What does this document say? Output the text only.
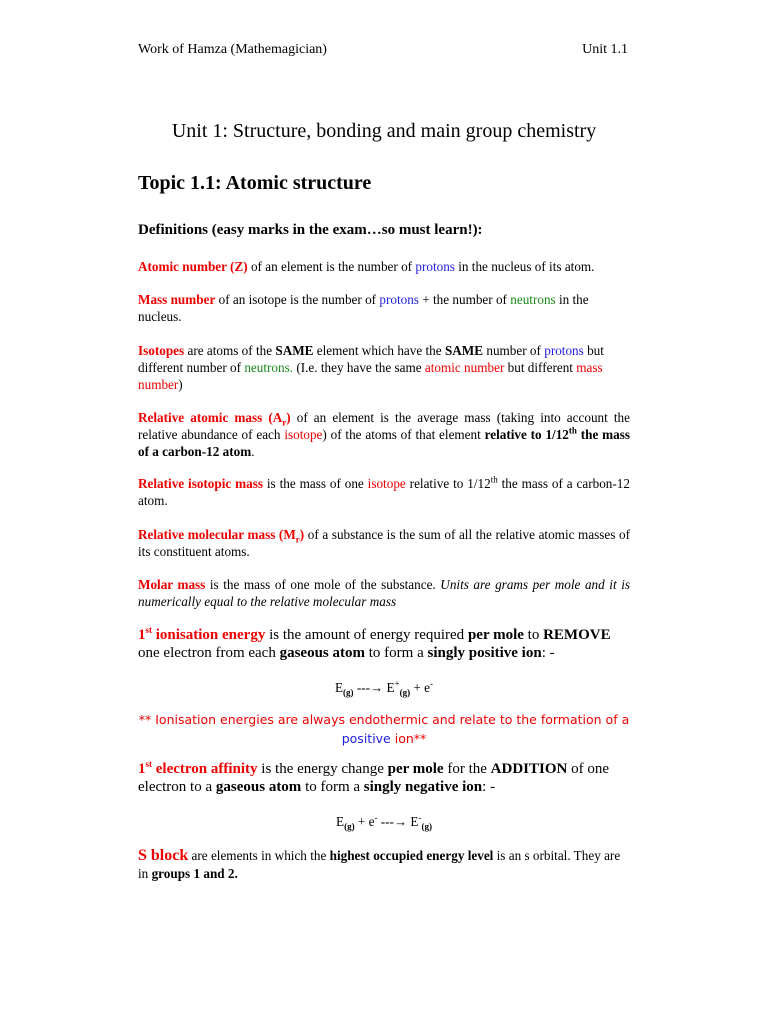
Work of Hamza (Mathemagician)	Unit 1.1
Unit 1: Structure, bonding and main group chemistry
Topic 1.1: Atomic structure
Definitions (easy marks in the exam…so must learn!):
Atomic number (Z) of an element is the number of protons in the nucleus of its atom.
Mass number of an isotope is the number of protons + the number of neutrons in the nucleus.
Isotopes are atoms of the SAME element which have the SAME number of protons but different number of neutrons. (I.e. they have the same atomic number but different mass number)
Relative atomic mass $(A_r)$ of an element is the average mass (taking into account the relative abundance of each isotope) of the atoms of that element relative to 1/12th the mass of a carbon-12 atom.
Relative isotopic mass is the mass of one isotope relative to 1/12th the mass of a carbon-12 atom.
Relative molecular mass $(M_r)$ of a substance is the sum of all the relative atomic masses of its constituent atoms.
Molar mass is the mass of one mole of the substance. Units are grams per mole and it is numerically equal to the relative molecular mass
1st ionisation energy is the amount of energy required per mole to REMOVE one electron from each gaseous atom to form a singly positive ion: -
$E_{(g)}$ ---→ $E^+_{(g)} + e^-$
** Ionisation energies are always endothermic and relate to the formation of a positive ion**
1st electron affinity is the energy change per mole for the ADDITION of one electron to a gaseous atom to form a singly negative ion: -
$E_{(g)} + e^-$ ---→ $E^-_{(g)}$
S block are elements in which the highest occupied energy level is an s orbital. They are in groups 1 and 2.
